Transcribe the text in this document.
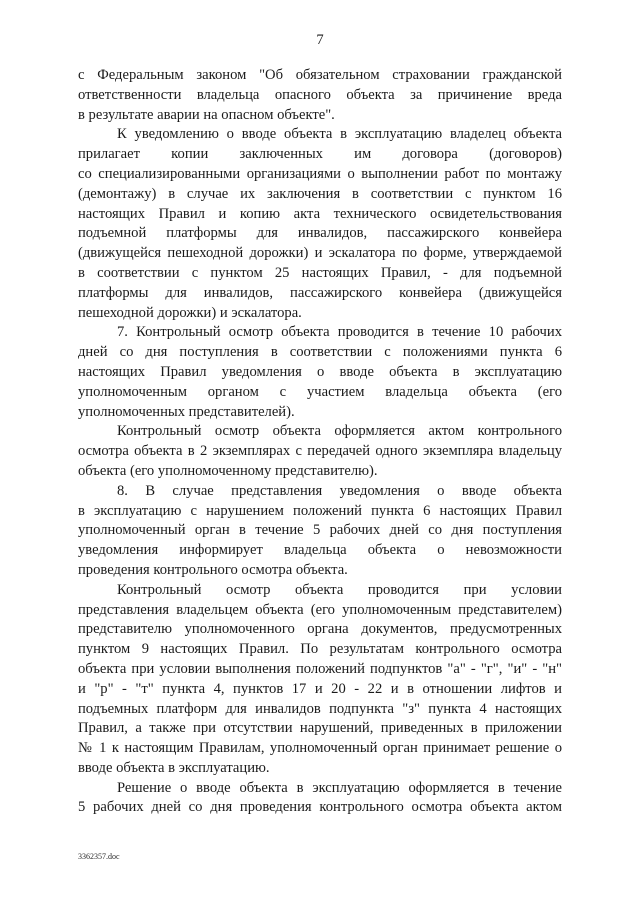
7
с Федеральным законом "Об обязательном страховании гражданской
ответственности владельца опасного объекта за причинение вреда
в результате аварии на опасном объекте".
К уведомлению о вводе объекта в эксплуатацию владелец объекта
прилагает копии заключенных им договора (договоров)
со специализированными организациями о выполнении работ по монтажу
(демонтажу) в случае их заключения в соответствии с пунктом 16
настоящих Правил и копию акта технического освидетельствования
подъемной платформы для инвалидов, пассажирского конвейера
(движущейся пешеходной дорожки) и эскалатора по форме, утверждаемой
в соответствии с пунктом 25 настоящих Правил, - для подъемной
платформы для инвалидов, пассажирского конвейера (движущейся
пешеходной дорожки) и эскалатора.
7. Контрольный осмотр объекта проводится в течение 10 рабочих
дней со дня поступления в соответствии с положениями пункта 6
настоящих Правил уведомления о вводе объекта в эксплуатацию
уполномоченным органом с участием владельца объекта (его
уполномоченных представителей).
Контрольный осмотр объекта оформляется актом контрольного
осмотра объекта в 2 экземплярах с передачей одного экземпляра владельцу
объекта (его уполномоченному представителю).
8. В случае представления уведомления о вводе объекта
в эксплуатацию с нарушением положений пункта 6 настоящих Правил
уполномоченный орган в течение 5 рабочих дней со дня поступления
уведомления информирует владельца объекта о невозможности
проведения контрольного осмотра объекта.
Контрольный осмотр объекта проводится при условии
представления владельцем объекта (его уполномоченным представителем)
представителю уполномоченного органа документов, предусмотренных
пунктом 9 настоящих Правил. По результатам контрольного осмотра
объекта при условии выполнения положений подпунктов "а" - "г", "и" - "н"
и "р" - "т" пункта 4, пунктов 17 и 20 - 22 и в отношении лифтов и
подъемных платформ для инвалидов подпункта "з" пункта 4 настоящих
Правил, а также при отсутствии нарушений, приведенных в приложении
№ 1 к настоящим Правилам, уполномоченный орган принимает решение о
вводе объекта в эксплуатацию.
Решение о вводе объекта в эксплуатацию оформляется в течение
5 рабочих дней со дня проведения контрольного осмотра объекта актом
3362357.doc
